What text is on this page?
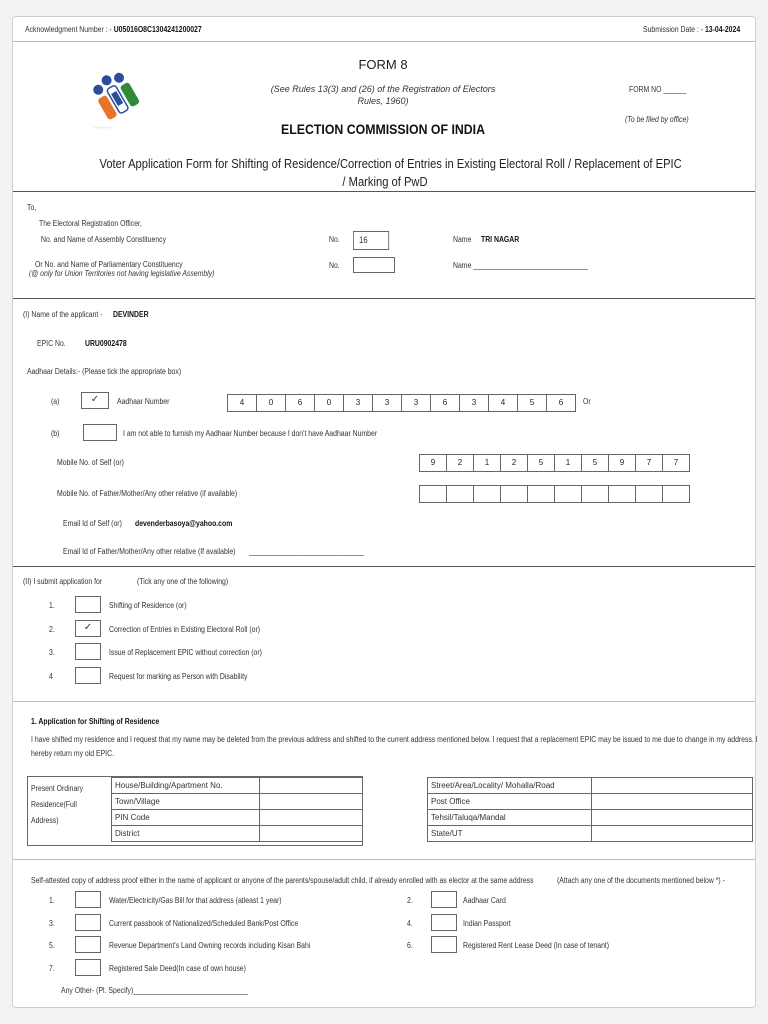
Acknowledgment Number : - U05016O8C1304241200027	Submission Date : - 13-04-2024
◦◦◦◦◦◦◦◦
FORM 8
(See Rules 13(3) and (26) of the Registration of Electors
Rules, 1960)
ELECTION COMMISSION OF INDIA
FORM NO ______
(To be filed by office)
Voter Application Form for Shifting of Residence/Correction of Entries in Existing Electoral Roll / Replacement of EPIC
/ Marking of PwD
To,
The Electoral Registration Officer,
No. and Name of Assembly Constituency	No.	16	Name TRI NAGAR
Or No. and Name of Parliamentary Constituency
(@ only for Union Territories not having legislative Assembly)
No.	Name ______________________________
(I) Name of the applicant - DEVINDER
EPIC No. URU0902478
Aadhaar Details:- (Please tick the appropriate box)
(a)	✓	Aadhaar Number	4	0	6	0	3	3	3	6	3	4	5	6	Or
(b)	I am not able to furnish my Aadhaar Number because I don't have Aadhaar Number
Mobile No. of Self (or)	9	2	1	2	5	1	5	9	7	7
Mobile No. of Father/Mother/Any other relative (if available)
Email Id of Self (or) devenderbasoya@yahoo.com
Email Id of Father/Mother/Any other relative (If available) ______________________________
(II) I submit application for	(Tick any one of the following)
1.	Shifting of Residence (or)
2.	✓	Correction of Entries in Existing Electoral Roll (or)
3.	Issue of Replacement EPIC without correction (or)
4	Request for marking as Person with Disability
1. Application for Shifting of Residence
I have shifted my residence and I request that my name may be deleted from the previous address and shifted to the current address mentioned below. I request that a replacement EPIC may be issued to me due to change in my address. I
hereby return my old EPIC.
Present Ordinary
Residence(Full
Address)
House/Building/Apartment No.	
Town/Village	
PIN Code	
District	
Street/Area/Locality/ Mohalla/Road	
Post Office	
Tehsil/Taluqa/Mandal	
State/UT	
Self-attested copy of address proof either in the name of applicant or anyone of the parents/spouse/adult child, if already enrolled with as elector at the same address	(Attach any one of the documents mentioned below *) -
1.	Water/Electricity/Gas Bill for that address (atleast 1 year)
3.	Current passbook of Nationalized/Scheduled Bank/Post Office
5.	Revenue Department's Land Owning records including Kisan Bahi
7.	Registered Sale Deed(In case of own house)
2.	Aadhaar Card
4.	Indian Passport
6.	Registered Rent Lease Deed (In case of tenant)
Any Other- (Pl. Specify)______________________________
